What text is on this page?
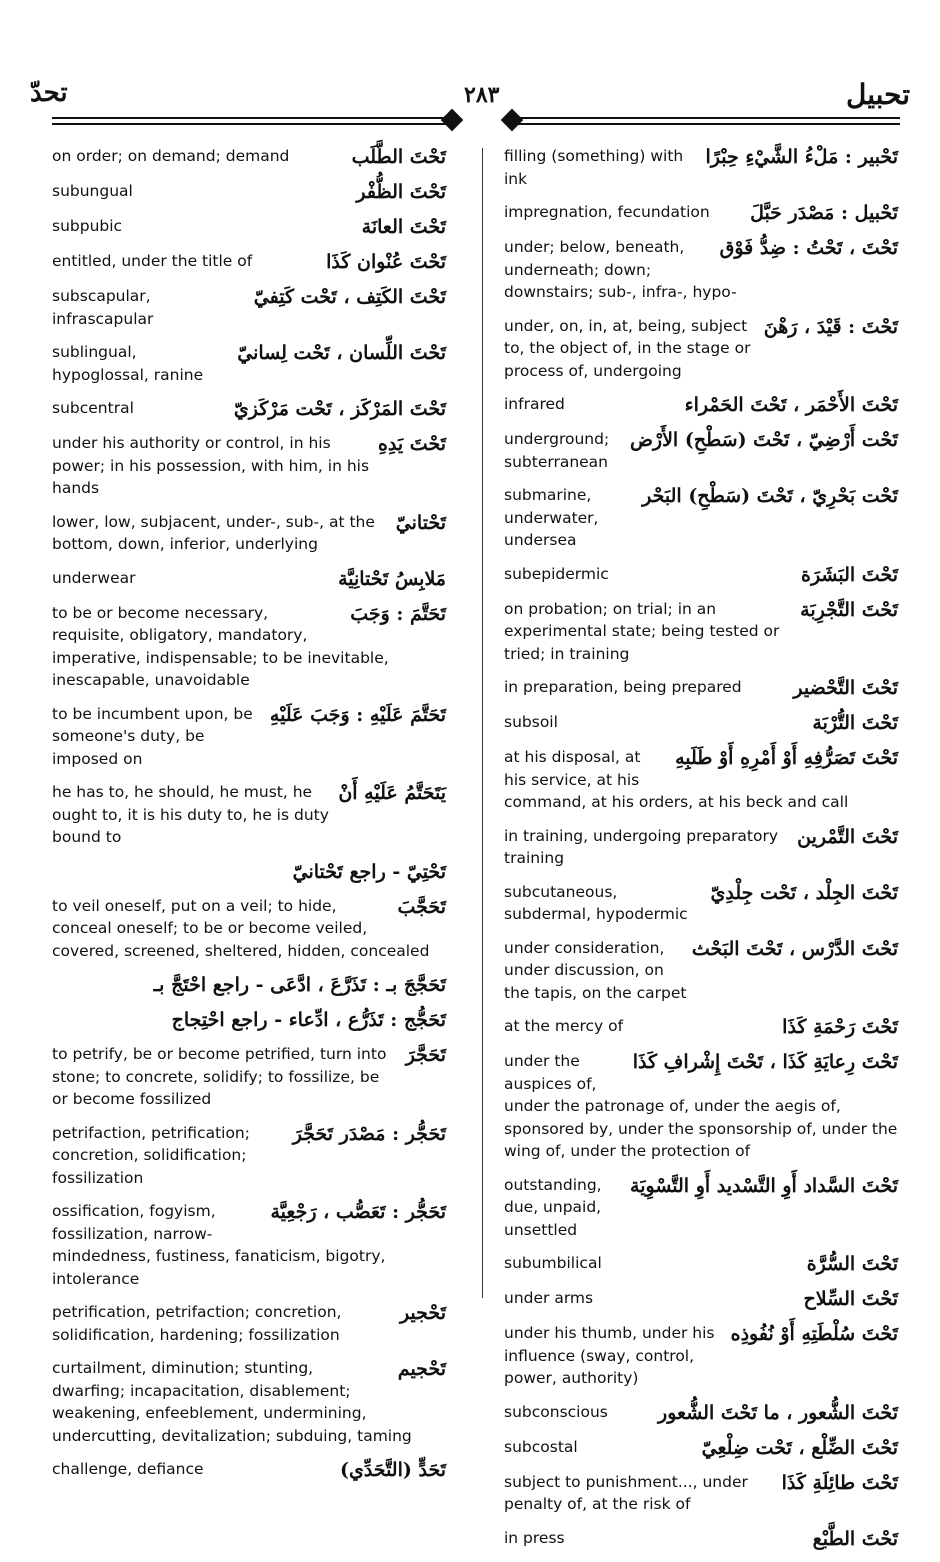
تحدّ	٢٨٣	تحبيل
تَحْتَ الطَّلَب
on order; on demand; demand
تَحْتَ الظُّفْر
subungual
تَحْتَ العانَة
subpubic
تَحْتَ عُنْوان كَذَا
entitled, under the title of
تَحْتَ الكَتِف ، تَحْت كَتِفيّ
subscapular, infrascapular
تَحْتَ اللِّسان ، تَحْت لِسانيّ
sublingual, hypoglossal, ranine
تَحْتَ المَرْكَز ، تَحْت مَرْكَزيّ
subcentral
تَحْتَ يَدِهِ
under his authority or control, in his power; in his possession, with him, in his hands
تَحْتانيّ
lower, low, subjacent, under-, sub-, at the bottom, down, inferior, underlying
مَلابِسُ تَحْتانِيَّة
underwear
تَحَتَّمَ : وَجَبَ
to be or become necessary, requisite, obligatory, mandatory, imperative, indispensable; to be inevitable, inescapable, unavoidable
تَحَتَّمَ عَلَيْهِ : وَجَبَ عَلَيْهِ
to be incumbent upon, be someone's duty, be imposed on
يَتَحَتَّمُ عَلَيْهِ أَنْ
he has to, he should, he must, he ought to, it is his duty to, he is duty bound to
تَحْتِيّ - راجع تَحْتانيّ
تَحَجَّبَ
to veil oneself, put on a veil; to hide, conceal oneself; to be or become veiled, covered, screened, sheltered, hidden, concealed
تَحَجَّجَ بـ : تَذَرَّعَ ، ادَّعَى - راجع احْتَجَّ بـ
تَحَجُّج : تَذَرُّع ، ادِّعاء - راجع احْتِجاج
تَحَجَّرَ
to petrify, be or become petrified, turn into stone; to concrete, solidify; to fossilize, be or become fossilized
تَحَجُّر : مَصْدَر تَحَجَّرَ
petrifaction, petrification; concretion, solidification; fossilization
تَحَجُّر : تَعَصُّب ، رَجْعِيَّة
ossification, fogyism, fossilization, narrow-mindedness, fustiness, fanaticism, bigotry, intolerance
تَحْجير
petrification, petrifaction; concretion, solidification, hardening; fossilization
تَحْجيم
curtailment, diminution; stunting, dwarfing; incapacitation, disablement; weakening, enfeeblement, undermining, undercutting, devitalization; subduing, taming
تَحَدٍّ (التَّحَدِّي)
challenge, defiance
تَحْبير : مَلْءُ الشَّيْءِ حِبْرًا
filling (something) with ink
تَحْبيل : مَصْدَر حَبَّلَ
impregnation, fecundation
تَحْتَ ، تَحْتُ : ضِدُّ فَوْق
under; below, beneath, underneath; down; downstairs; sub-, infra-, hypo-
تَحْتَ : قَيْدَ ، رَهْنَ
under, on, in, at, being, subject to, the object of, in the stage or process of, undergoing
تَحْتَ الأَحْمَر ، تَحْتَ الحَمْراء
infrared
تَحْت أَرْضِيّ ، تَحْتَ (سَطْحِ) الأَرْض
underground; subterranean
تَحْت بَحْرِيّ ، تَحْتَ (سَطْحِ) البَحْر
submarine, underwater, undersea
تَحْتَ البَشَرَة
subepidermic
تَحْتَ التَّجْرِبَة
on probation; on trial; in an experimental state; being tested or tried; in training
تَحْتَ التَّحْضير
in preparation, being prepared
تَحْتَ التُّرْبَة
subsoil
تَحْتَ تَصَرُّفِهِ أَوْ أَمْرِهِ أَوْ طَلَبِهِ
at his disposal, at his service, at his command, at his orders, at his beck and call
تَحْتَ التَّمْرين
in training, undergoing preparatory training
تَحْتَ الجِلْد ، تَحْت جِلْدِيّ
subcutaneous, subdermal, hypodermic
تَحْتَ الدَّرْس ، تَحْتَ البَحْث
under consideration, under discussion, on the tapis, on the carpet
تَحْتَ رَحْمَةِ كَذَا
at the mercy of
تَحْتَ رِعايَةِ كَذَا ، تَحْتَ إِشْرافِ كَذَا
under the auspices of, under the patronage of, under the aegis of, sponsored by, under the sponsorship of, under the wing of, under the protection of
تَحْتَ السَّداد أَوِ التَّسْديد أَوِ التَّسْوِيَة
outstanding, due, unpaid, unsettled
تَحْتَ السُّرَّة
subumbilical
تَحْتَ السِّلاح
under arms
تَحْتَ سُلْطَتِهِ أَوْ نُفُوذِه
under his thumb, under his influence (sway, control, power, authority)
تَحْتَ الشُّعور ، ما تَحْتَ الشُّعور
subconscious
تَحْتَ الضِّلْع ، تَحْت ضِلْعِيّ
subcostal
تَحْتَ طائِلَةِ كَذَا
subject to punishment..., under penalty of, at the risk of
تَحْتَ الطَّبْع
in press
